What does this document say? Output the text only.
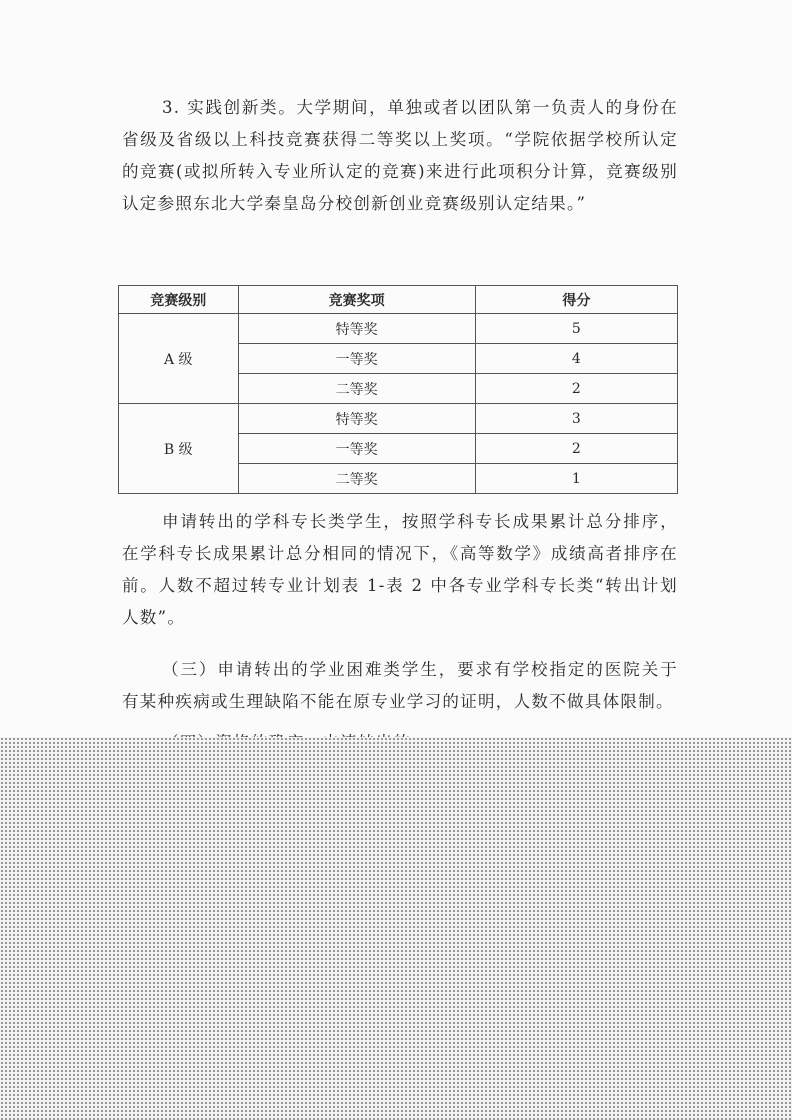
3. 实践创新类。大学期间，单独或者以团队第一负责人的身份在省级及省级以上科技竞赛获得二等奖以上奖项。“学院依据学校所认定的竞赛(或拟所转入专业所认定的竞赛)来进行此项积分计算，竞赛级别认定参照东北大学秦皇岛分校创新创业竞赛级别认定结果。”

竞赛级别	竞赛奖项	得分
A 级	特等奖	5
	一等奖	4
	二等奖	2
B 级	特等奖	3
	一等奖	2
	二等奖	1

申请转出的学科专长类学生，按照学科专长成果累计总分排序，在学科专长成果累计总分相同的情况下，《高等数学》成绩高者排序在前。人数不超过转专业计划表 1-表 2 中各专业学科专长类“转出计划人数”。

（三）申请转出的学业困难类学生，要求有学校指定的医院关于有某种疾病或生理缺陷不能在原专业学习的证明，人数不做具体限制。
